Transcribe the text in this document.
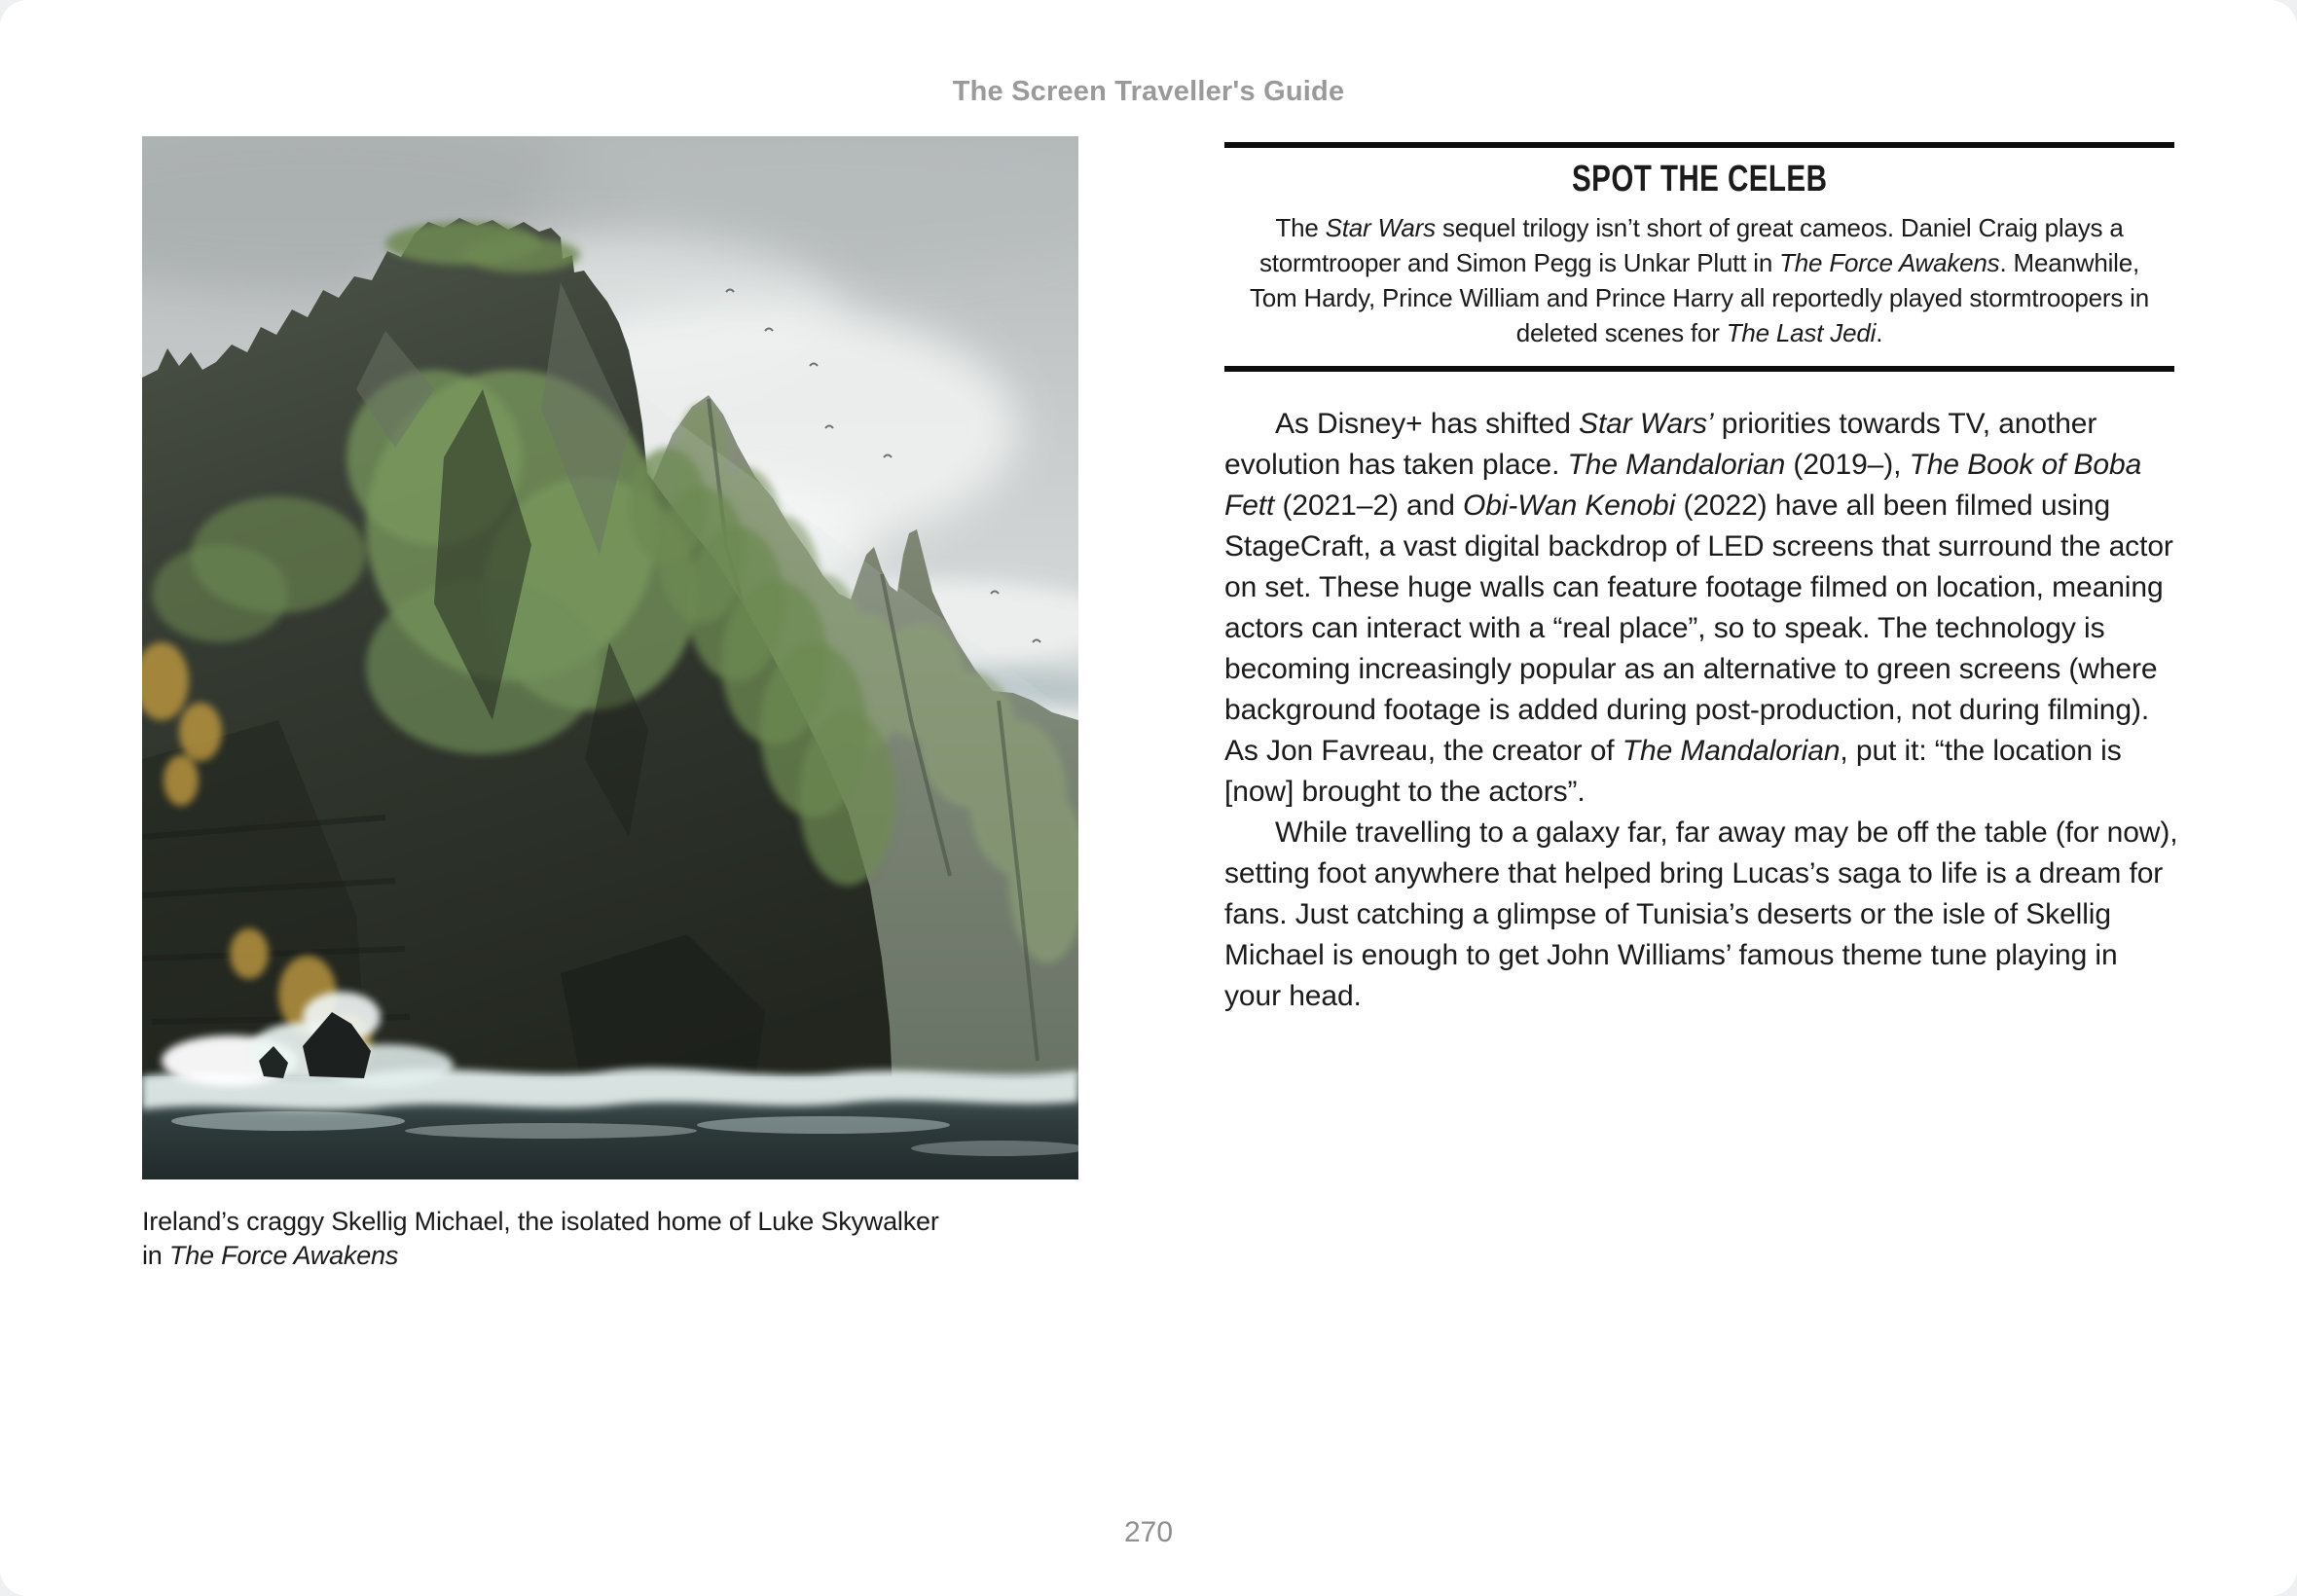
The Screen Traveller's Guide
Ireland’s craggy Skellig Michael, the isolated home of Luke Skywalker
in The Force Awakens
SPOT THE CELEB

The Star Wars sequel trilogy isn’t short of great cameos. Daniel Craig plays a stormtrooper and Simon Pegg is Unkar Plutt in The Force Awakens. Meanwhile, Tom Hardy, Prince William and Prince Harry all reportedly played stormtroopers in deleted scenes for The Last Jedi.

As Disney+ has shifted Star Wars’ priorities towards TV, another evolution has taken place. The Mandalorian (2019–), The Book of Boba Fett (2021–2) and Obi-Wan Kenobi (2022) have all been filmed using StageCraft, a vast digital backdrop of LED screens that surround the actor on set. These huge walls can feature footage filmed on location, meaning actors can interact with a “real place”, so to speak. The technology is becoming increasingly popular as an alternative to green screens (where background footage is added during post-production, not during filming). As Jon Favreau, the creator of The Mandalorian, put it: “the location is [now] brought to the actors”.

While travelling to a galaxy far, far away may be off the table (for now), setting foot anywhere that helped bring Lucas’s saga to life is a dream for fans. Just catching a glimpse of Tunisia’s deserts or the isle of Skellig Michael is enough to get John Williams’ famous theme tune playing in your head.

270
